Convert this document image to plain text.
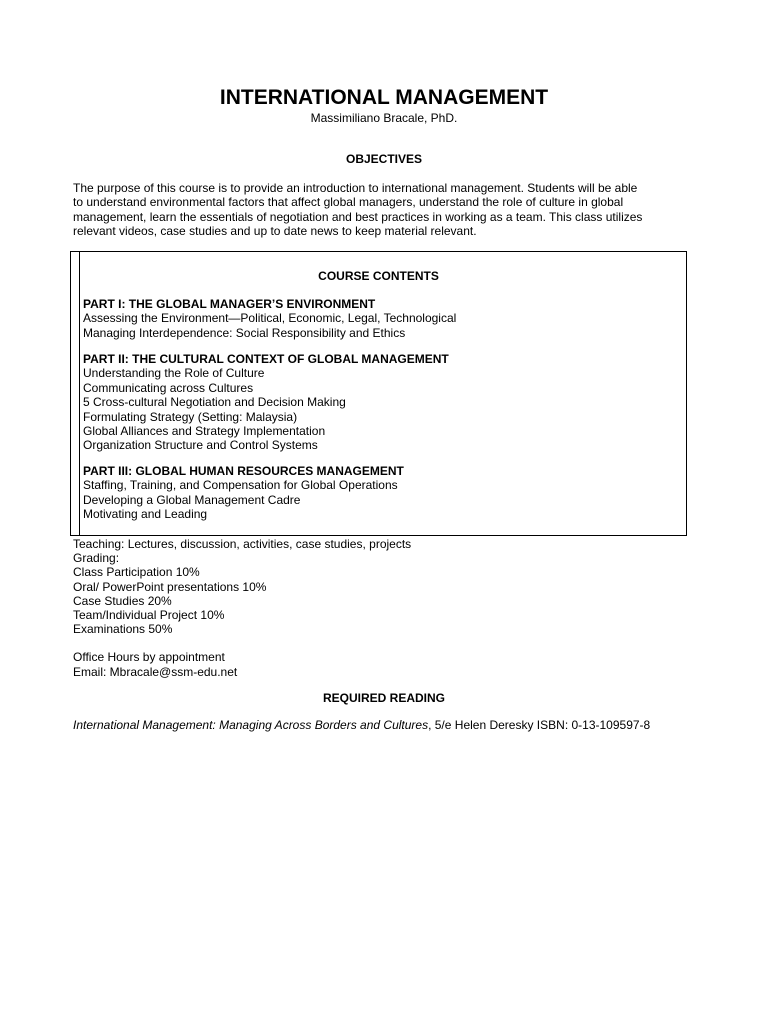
INTERNATIONAL MANAGEMENT
Massimiliano Bracale, PhD.
OBJECTIVES
The purpose of this course is to provide an introduction to international management. Students will be able
to understand environmental factors that affect global managers, understand the role of culture in global
management, learn the essentials of negotiation and best practices in working as a team. This class utilizes
relevant videos, case studies and up to date news to keep material relevant.
COURSE CONTENTS
PART I: THE GLOBAL MANAGER’S ENVIRONMENT
Assessing the Environment—Political, Economic, Legal, Technological
Managing Interdependence: Social Responsibility and Ethics
PART II: THE CULTURAL CONTEXT OF GLOBAL MANAGEMENT
Understanding the Role of Culture
Communicating across Cultures
5 Cross-cultural Negotiation and Decision Making
Formulating Strategy (Setting: Malaysia)
Global Alliances and Strategy Implementation
Organization Structure and Control Systems
PART III: GLOBAL HUMAN RESOURCES MANAGEMENT
Staffing, Training, and Compensation for Global Operations
Developing a Global Management Cadre
Motivating and Leading
Teaching: Lectures, discussion, activities, case studies, projects
Grading:
Class Participation 10%
Oral/ PowerPoint presentations 10%
Case Studies 20%
Team/Individual Project 10%
Examinations 50%
Office Hours by appointment
Email: Mbracale@ssm-edu.net
REQUIRED READING
International Management: Managing Across Borders and Cultures, 5/e Helen Deresky ISBN: 0-13-109597-8
